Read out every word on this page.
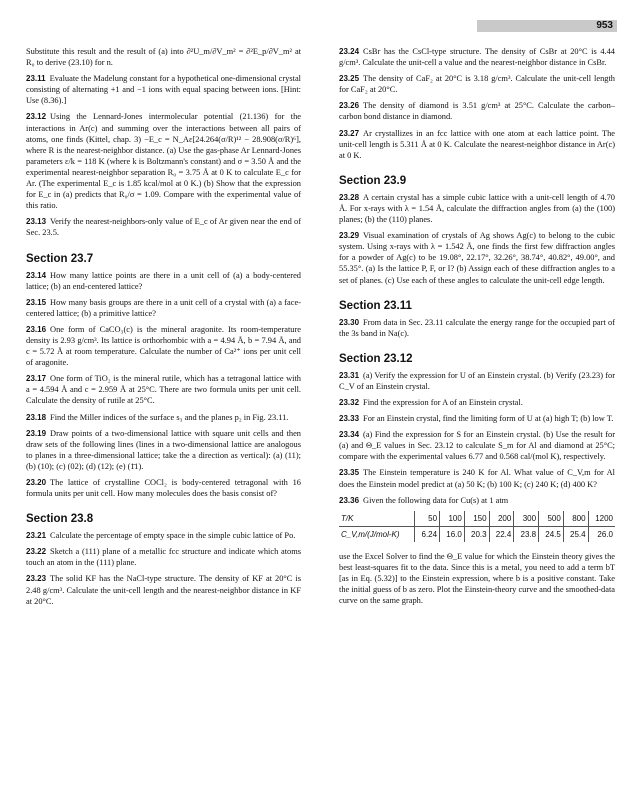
953

Substitute this result and the result of (a) into ∂²U_m/∂V_m² = ∂²E_p/∂V_m² at R₀ to derive (23.10) for n.

23.11 Evaluate the Madelung constant for a hypothetical one-dimensional crystal consisting of alternating +1 and −1 ions with equal spacing between ions. [Hint: Use (8.36).]

23.12 Using the Lennard-Jones intermolecular potential (21.136) for the interactions in Ar(c) and summing over the interactions between all pairs of atoms, one finds (Kittel, chap. 3) −E_c = N_Aε[24.264(σ/R)¹² − 28.908(σ/R)⁶], where R is the nearest-neighbor distance. (a) Use the gas-phase Ar Lennard-Jones parameters ε/k = 118 K (where k is Boltzmann's constant) and σ = 3.50 Å and the experimental nearest-neighbor separation R₀ = 3.75 Å at 0 K to calculate E_c for Ar. (The experimental E_c is 1.85 kcal/mol at 0 K.) (b) Show that the expression for E_c in (a) predicts that R₀/σ = 1.09. Compare with the experimental value of this ratio.

23.13 Verify the nearest-neighbors-only value of E_c of Ar given near the end of Sec. 23.5.

Section 23.7

23.14 How many lattice points are there in a unit cell of (a) a body-centered lattice; (b) an end-centered lattice?

23.15 How many basis groups are there in a unit cell of a crystal with (a) a face-centered lattice; (b) a primitive lattice?

23.16 One form of CaCO₃(c) is the mineral aragonite. Its room-temperature density is 2.93 g/cm³. Its lattice is orthorhombic with a = 4.94 Å, b = 7.94 Å, and c = 5.72 Å at room temperature. Calculate the number of Ca²⁺ ions per unit cell of aragonite.

23.17 One form of TiO₂ is the mineral rutile, which has a tetragonal lattice with a = 4.594 Å and c = 2.959 Å at 25°C. There are two formula units per unit cell. Calculate the density of rutile at 25°C.

23.18 Find the Miller indices of the surface s₃ and the planes p₂ in Fig. 23.11.

23.19 Draw points of a two-dimensional lattice with square unit cells and then draw sets of the following lines (lines in a two-dimensional lattice are analogous to planes in a three-dimensional lattice; take the a direction as vertical): (a) (11); (b) (10); (c) (02); (d) (12); (e) (1̄1).

23.20 The lattice of crystalline COCl₂ is body-centered tetragonal with 16 formula units per unit cell. How many molecules does the basis consist of?

Section 23.8

23.21 Calculate the percentage of empty space in the simple cubic lattice of Po.

23.22 Sketch a (111) plane of a metallic fcc structure and indicate which atoms touch an atom in the (111) plane.

23.23 The solid KF has the NaCl-type structure. The density of KF at 20°C is 2.48 g/cm³. Calculate the unit-cell length and the nearest-neighbor distance in KF at 20°C.

23.24 CsBr has the CsCl-type structure. The density of CsBr at 20°C is 4.44 g/cm³. Calculate the unit-cell a value and the nearest-neighbor distance in CsBr.

23.25 The density of CaF₂ at 20°C is 3.18 g/cm³. Calculate the unit-cell length for CaF₂ at 20°C.

23.26 The density of diamond is 3.51 g/cm³ at 25°C. Calculate the carbon–carbon bond distance in diamond.

23.27 Ar crystallizes in an fcc lattice with one atom at each lattice point. The unit-cell length is 5.311 Å at 0 K. Calculate the nearest-neighbor distance in Ar(c) at 0 K.

Section 23.9

23.28 A certain crystal has a simple cubic lattice with a unit-cell length of 4.70 Å. For x-rays with λ = 1.54 Å, calculate the diffraction angles from (a) the (100) planes; (b) the (110) planes.

23.29 Visual examination of crystals of Ag shows Ag(c) to belong to the cubic system. Using x-rays with λ = 1.542 Å, one finds the first few diffraction angles for a powder of Ag(c) to be 19.08°, 22.17°, 32.26°, 38.74°, 40.82°, 49.00°, and 55.35°. (a) Is the lattice P, F, or I? (b) Assign each of these diffraction angles to a set of planes. (c) Use each of these angles to calculate the unit-cell edge length.

Section 23.11

23.30 From data in Sec. 23.11 calculate the energy range for the occupied part of the 3s band in Na(c).

Section 23.12

23.31 (a) Verify the expression for U of an Einstein crystal. (b) Verify (23.23) for C_V of an Einstein crystal.

23.32 Find the expression for A of an Einstein crystal.

23.33 For an Einstein crystal, find the limiting form of U at (a) high T; (b) low T.

23.34 (a) Find the expression for S for an Einstein crystal. (b) Use the result for (a) and Θ_E values in Sec. 23.12 to calculate S_m for Al and diamond at 25°C; compare with the experimental values 6.77 and 0.568 cal/(mol K), respectively.

23.35 The Einstein temperature is 240 K for Al. What value of C_V,m for Al does the Einstein model predict at (a) 50 K; (b) 100 K; (c) 240 K; (d) 400 K?

23.36 Given the following data for Cu(s) at 1 atm

T/K	50	100	150	200	300	500	800	1200
C_V,m/(J/mol-K)	6.24	16.0	20.3	22.4	23.8	24.5	25.4	26.0

use the Excel Solver to find the Θ_E value for which the Einstein theory gives the best least-squares fit to the data. Since this is a metal, you need to add a term bT [as in Eq. (5.32)] to the Einstein expression, where b is a positive constant. Take the initial guess of b as zero. Plot the Einstein-theory curve and the smoothed-data curve on the same graph.
